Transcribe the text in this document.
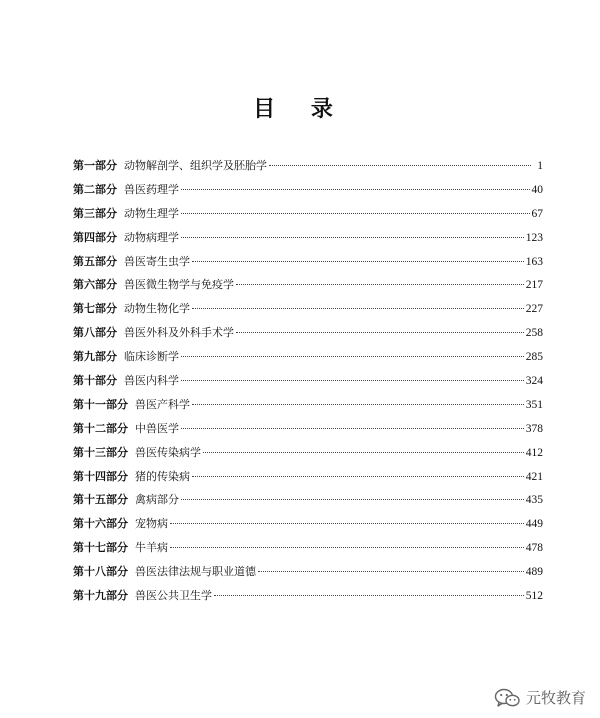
目 录
第一部分 动物解剖学、组织学及胚胎学	1
第二部分 兽医药理学	40
第三部分 动物生理学	67
第四部分 动物病理学	123
第五部分 兽医寄生虫学	163
第六部分 兽医微生物学与免疫学	217
第七部分 动物生物化学	227
第八部分 兽医外科及外科手术学	258
第九部分 临床诊断学	285
第十部分 兽医内科学	324
第十一部分 兽医产科学	351
第十二部分 中兽医学	378
第十三部分 兽医传染病学	412
第十四部分 猪的传染病	421
第十五部分 禽病部分	435
第十六部分 宠物病	449
第十七部分 牛羊病	478
第十八部分 兽医法律法规与职业道德	489
第十九部分 兽医公共卫生学	512
元牧教育
